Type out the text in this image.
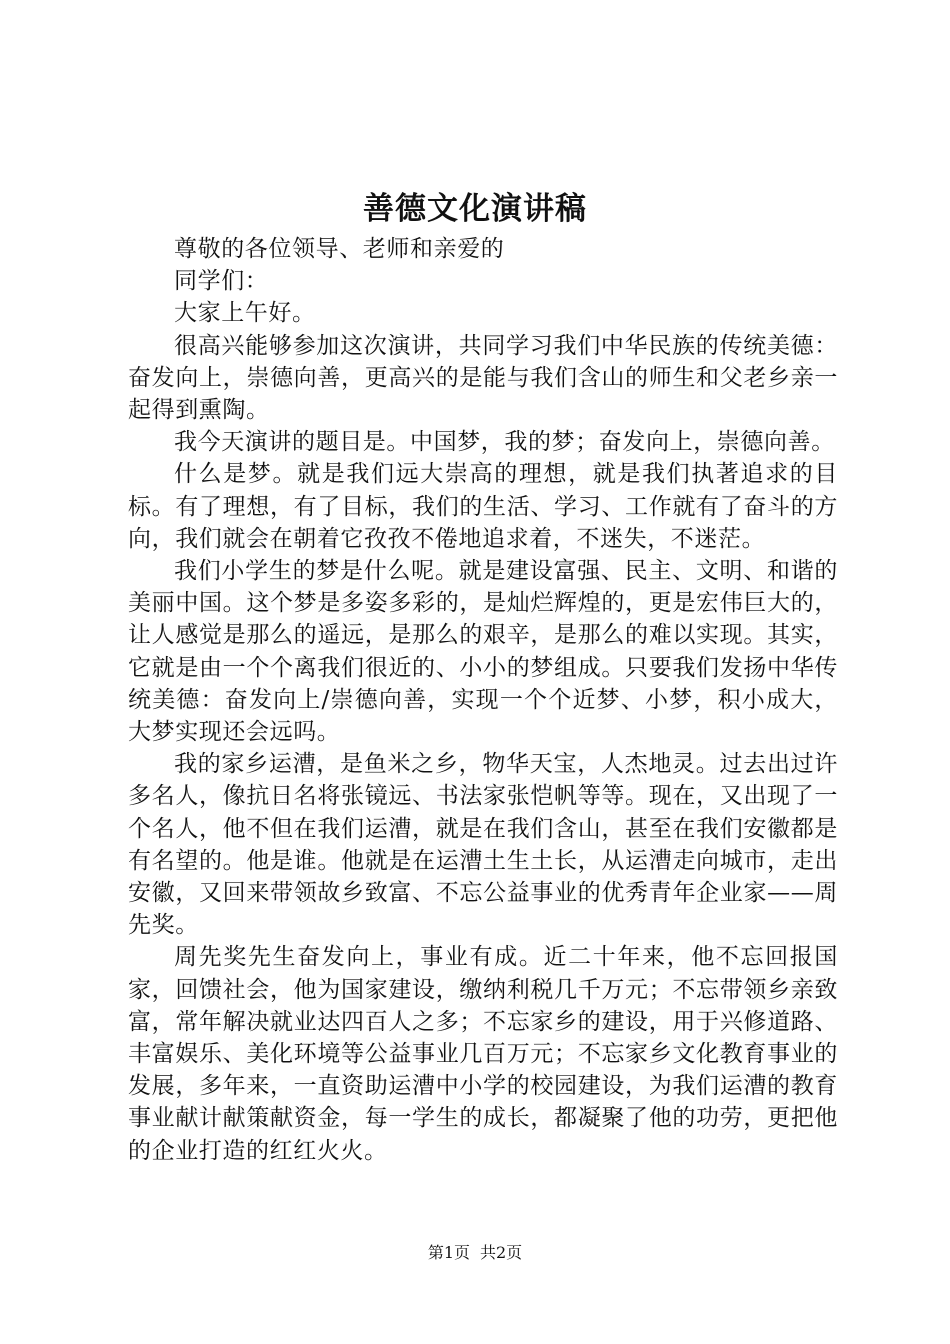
善德文化演讲稿

尊敬的各位领导、老师和亲爱的

同学们：

大家上午好。

很高兴能够参加这次演讲，共同学习我们中华民族的传统美德：奋发向上，崇德向善，更高兴的是能与我们含山的师生和父老乡亲一起得到熏陶。

我今天演讲的题目是。中国梦，我的梦；奋发向上，崇德向善。

什么是梦。就是我们远大崇高的理想，就是我们执著追求的目标。有了理想，有了目标，我们的生活、学习、工作就有了奋斗的方向，我们就会在朝着它孜孜不倦地追求着，不迷失，不迷茫。

我们小学生的梦是什么呢。就是建设富强、民主、文明、和谐的美丽中国。这个梦是多姿多彩的，是灿烂辉煌的，更是宏伟巨大的，让人感觉是那么的遥远，是那么的艰辛，是那么的难以实现。其实，它就是由一个个离我们很近的、小小的梦组成。只要我们发扬中华传统美德：奋发向上/崇德向善，实现一个个近梦、小梦，积小成大，大梦实现还会远吗。

我的家乡运漕，是鱼米之乡，物华天宝，人杰地灵。过去出过许多名人，像抗日名将张镜远、书法家张恺帆等等。现在，又出现了一个名人，他不但在我们运漕，就是在我们含山，甚至在我们安徽都是有名望的。他是谁。他就是在运漕土生土长，从运漕走向城市，走出安徽，又回来带领故乡致富、不忘公益事业的优秀青年企业家——周先奖。

周先奖先生奋发向上，事业有成。近二十年来，他不忘回报国家，回馈社会，他为国家建设，缴纳利税几千万元；不忘带领乡亲致富，常年解决就业达四百人之多；不忘家乡的建设，用于兴修道路、丰富娱乐、美化环境等公益事业几百万元；不忘家乡文化教育事业的发展，多年来，一直资助运漕中小学的校园建设，为我们运漕的教育事业献计献策献资金，每一学生的成长，都凝聚了他的功劳，更把他的企业打造的红红火火。

第1页 共2页
